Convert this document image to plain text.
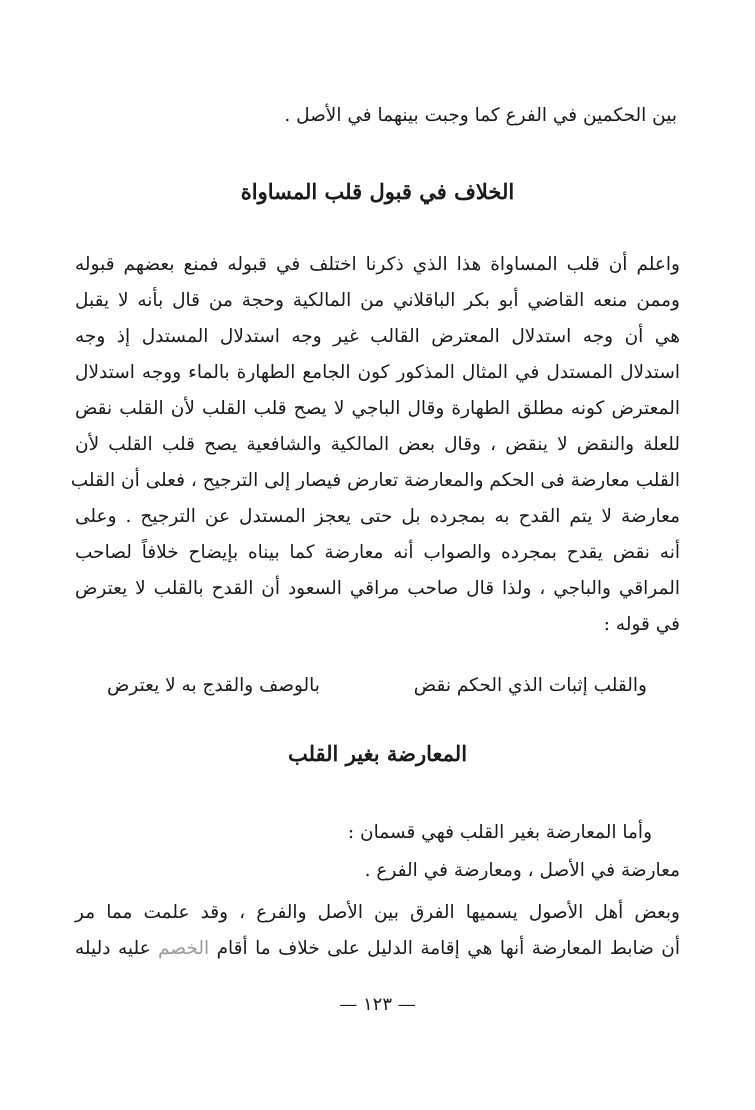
بين الحكمين في الفرع كما وجبت بينهما في الأصل .
الخلاف في قبول قلب المساواة
واعلم أن قلب المساواة هذا الذي ذكرنا اختلف في قبوله فمنع بعضهم قبوله
وممن منعه القاضي أبو بكر الباقلاني من المالكية وحجة من قال بأنه لا يقبل
هي أن وجه استدلال المعترض القالب غير وجه استدلال المستدل إذ وجه
استدلال المستدل في المثال المذكور كون الجامع الطهارة بالماء ووجه استدلال
المعترض كونه مطلق الطهارة وقال الباجي لا يصح قلب القلب لأن القلب نقض
للعلة والنقض لا ينقض ، وقال بعض المالكية والشافعية يصح قلب القلب لأن
القلب معارضة فى الحكم والمعارضة تعارض فيصار إلى الترجيح ، فعلى أن القلب
معارضة لا يتم القدح به بمجرده بل حتى يعجز المستدل عن الترجيح . وعلى
أنه نقض يقدح بمجرده والصواب أنه معارضة كما بيناه بإيضاح خلافاً لصاحب
المراقي والباجي ، ولذا قال صاحب مراقي السعود أن القدح بالقلب لا يعترض
في قوله :
والقلب إثبات الذي الحكم نقض
بالوصف والقدج به لا يعترض
المعارضة بغير القلب
وأما المعارضة بغير القلب فهي قسمان :
معارضة في الأصل ، ومعارضة في الفرع .
وبعض أهل الأصول يسميها الفرق بين الأصل والفرع ، وقد علمت مما مر
أن ضابط المعارضة أنها هي إقامة الدليل على خلاف ما أقام الخصم عليه دليله
— ١٢٣ —
